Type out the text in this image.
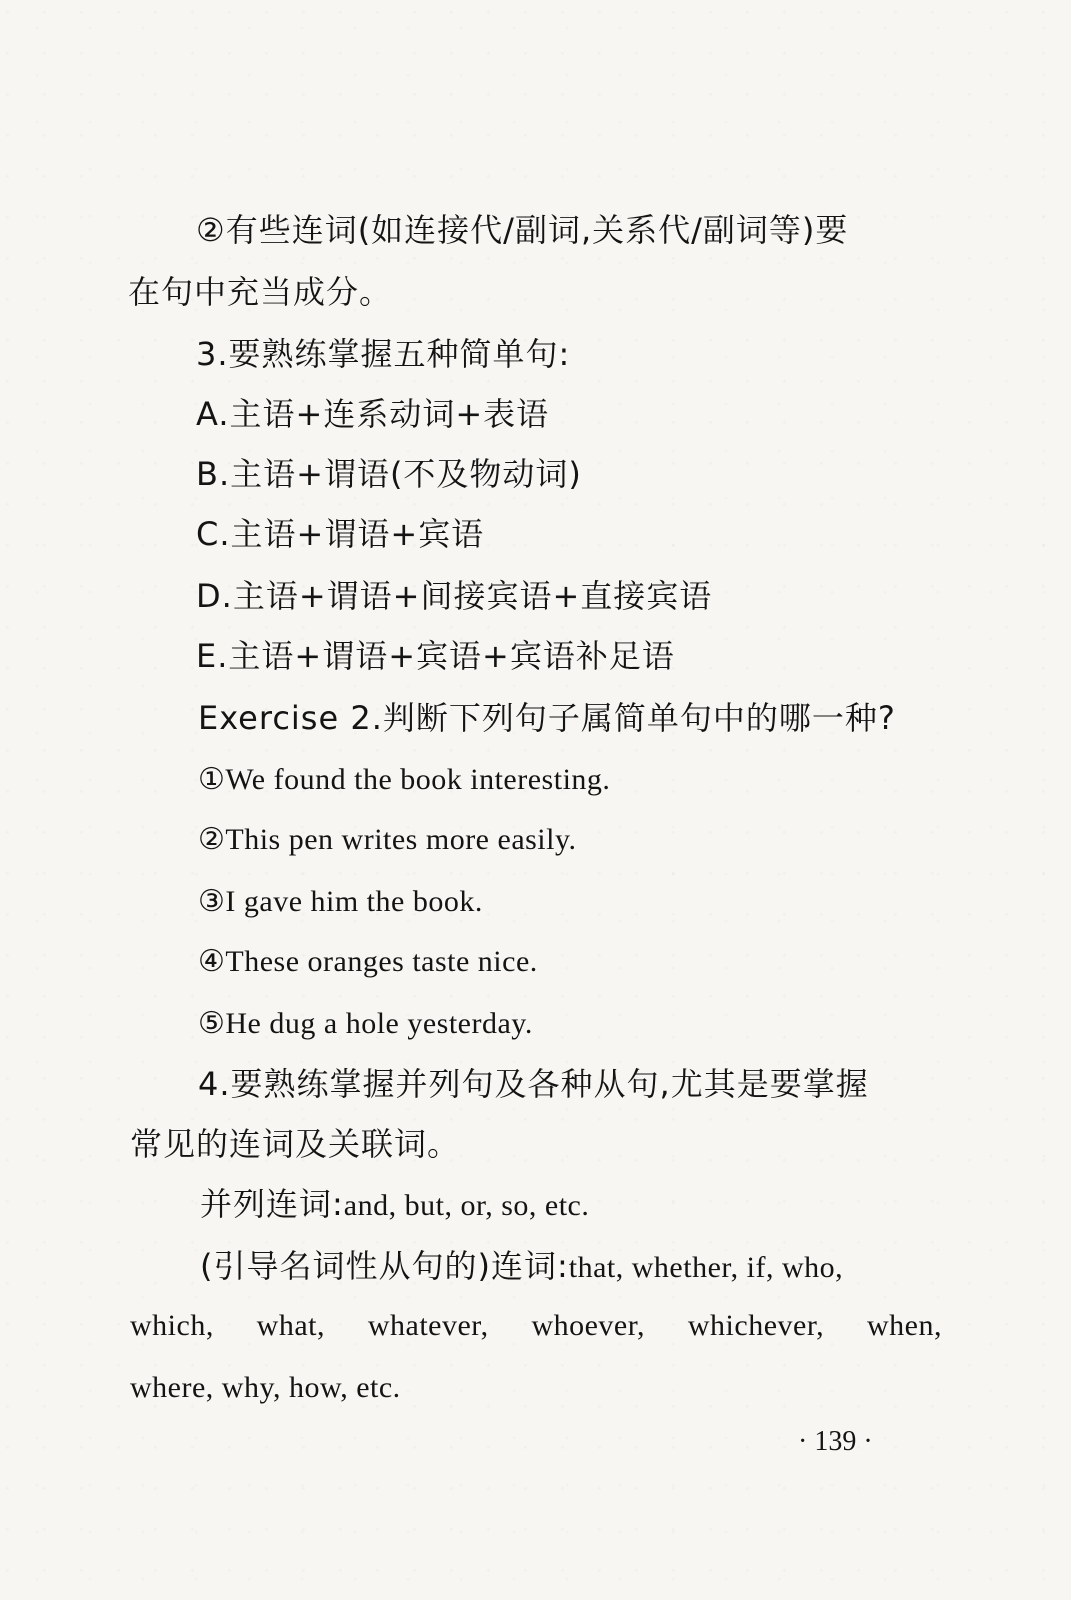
②有些连词(如连接代/副词,关系代/副词等)要
在句中充当成分。
3.要熟练掌握五种简单句:
A.主语+连系动词+表语
B.主语+谓语(不及物动词)
C.主语+谓语+宾语
D.主语+谓语+间接宾语+直接宾语
E.主语+谓语+宾语+宾语补足语
Exercise 2.判断下列句子属简单句中的哪一种?
①We found the book interesting.
②This pen writes more easily.
③I gave him the book.
④These oranges taste nice.
⑤He dug a hole yesterday.
4.要熟练掌握并列句及各种从句,尤其是要掌握
常见的连词及关联词。
并列连词:and, but, or, so, etc.
(引导名词性从句的)连词:that, whether, if, who,
which, what, whatever, whoever, whichever, when,
where, why, how, etc.
· 139 ·
